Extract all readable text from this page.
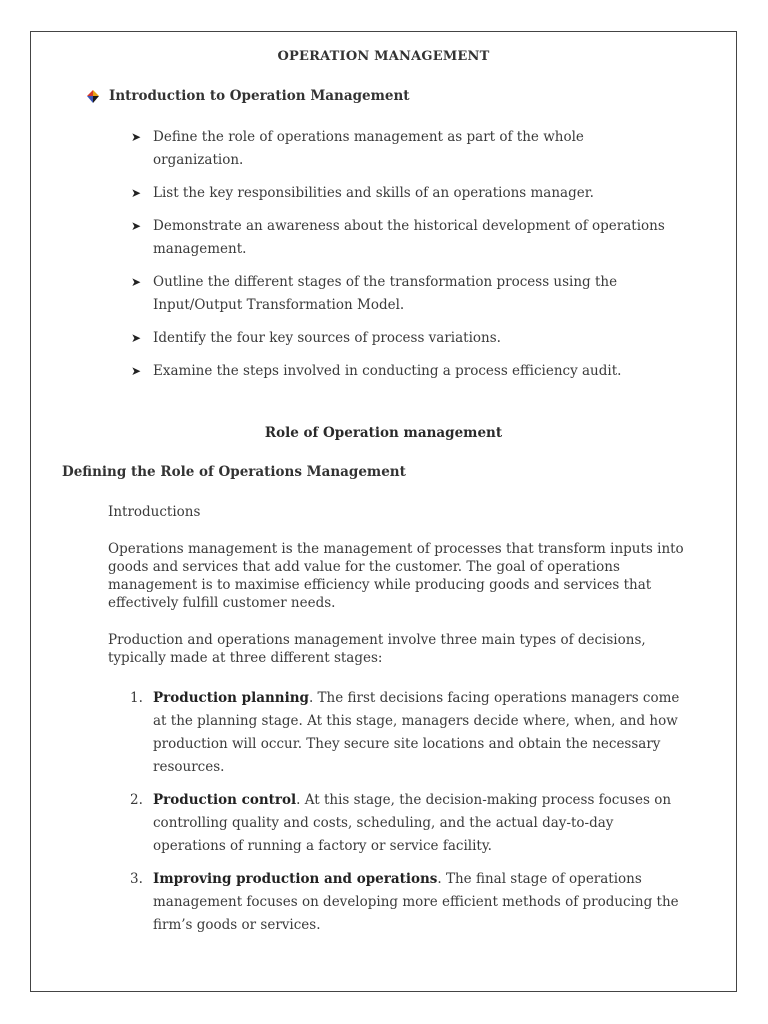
OPERATION MANAGEMENT
Introduction to Operation Management
➤ Define the role of operations management as part of the whole organization.
➤ List the key responsibilities and skills of an operations manager.
➤ Demonstrate an awareness about the historical development of operations management.
➤ Outline the different stages of the transformation process using the Input/Output Transformation Model.
➤ Identify the four key sources of process variations.
➤ Examine the steps involved in conducting a process efficiency audit.
Role of Operation management
Defining the Role of Operations Management
Introductions

Operations management is the management of processes that transform inputs into goods and services that add value for the customer. The goal of operations management is to maximise efficiency while producing goods and services that effectively fulfill customer needs.

Production and operations management involve three main types of decisions, typically made at three different stages:

1. Production planning. The first decisions facing operations managers come at the planning stage. At this stage, managers decide where, when, and how production will occur. They secure site locations and obtain the necessary resources.
2. Production control. At this stage, the decision-making process focuses on controlling quality and costs, scheduling, and the actual day-to-day operations of running a factory or service facility.
3. Improving production and operations. The final stage of operations management focuses on developing more efficient methods of producing the firm’s goods or services.
